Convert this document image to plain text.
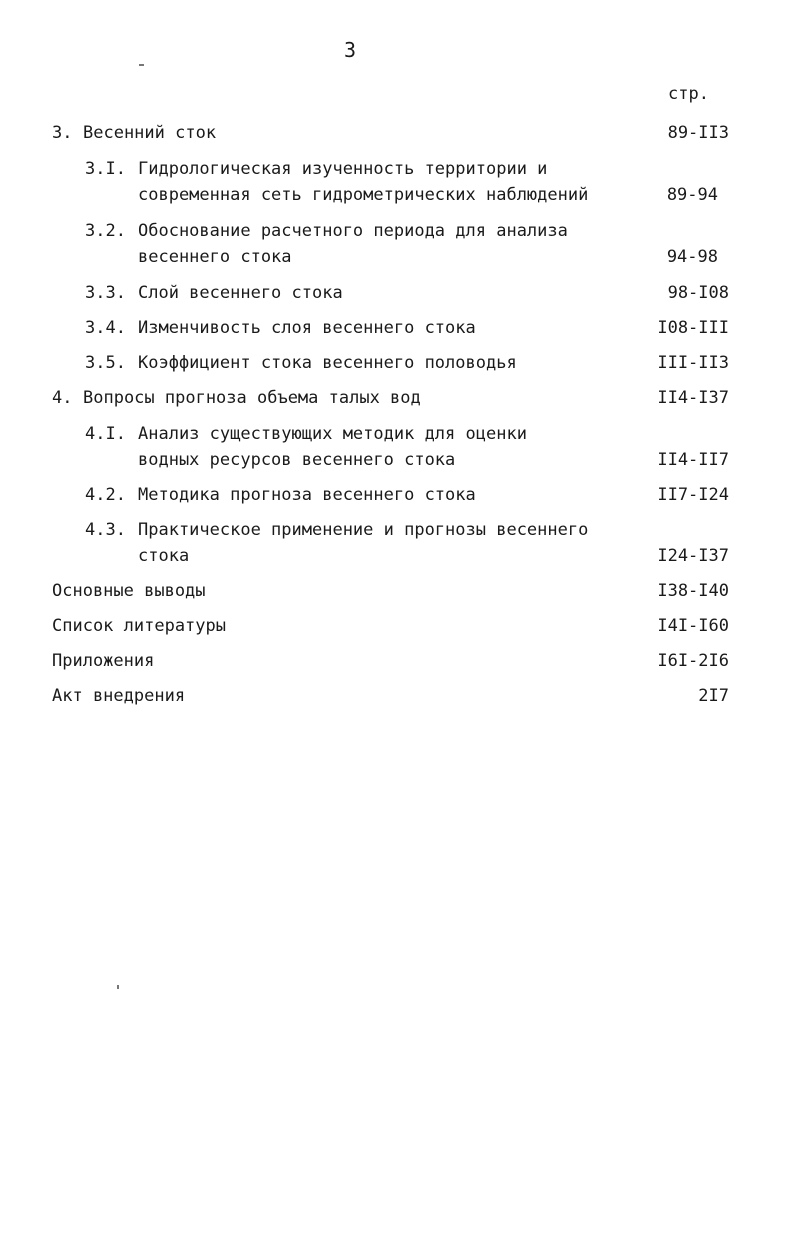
3
стр.
3. Весенний сток	89-II3
3.I. Гидрологическая изученность территории и
современная сеть гидрометрических наблюдений	89-94
3.2. Обоснование расчетного периода для анализа
весеннего стока	94-98
3.3. Слой весеннего стока	98-I08
3.4. Изменчивость слоя весеннего стока	I08-III
3.5. Коэффициент стока весеннего половодья	III-II3
4. Вопросы прогноза объема талых вод	II4-I37
4.I. Анализ существующих методик для оценки
водных ресурсов весеннего стока	II4-II7
4.2. Методика прогноза весеннего стока	II7-I24
4.3. Практическое применение и прогнозы весеннего
стока	I24-I37
Основные выводы	I38-I40
Список литературы	I4I-I60
Приложения	I6I-2I6
Акт внедрения	2I7
